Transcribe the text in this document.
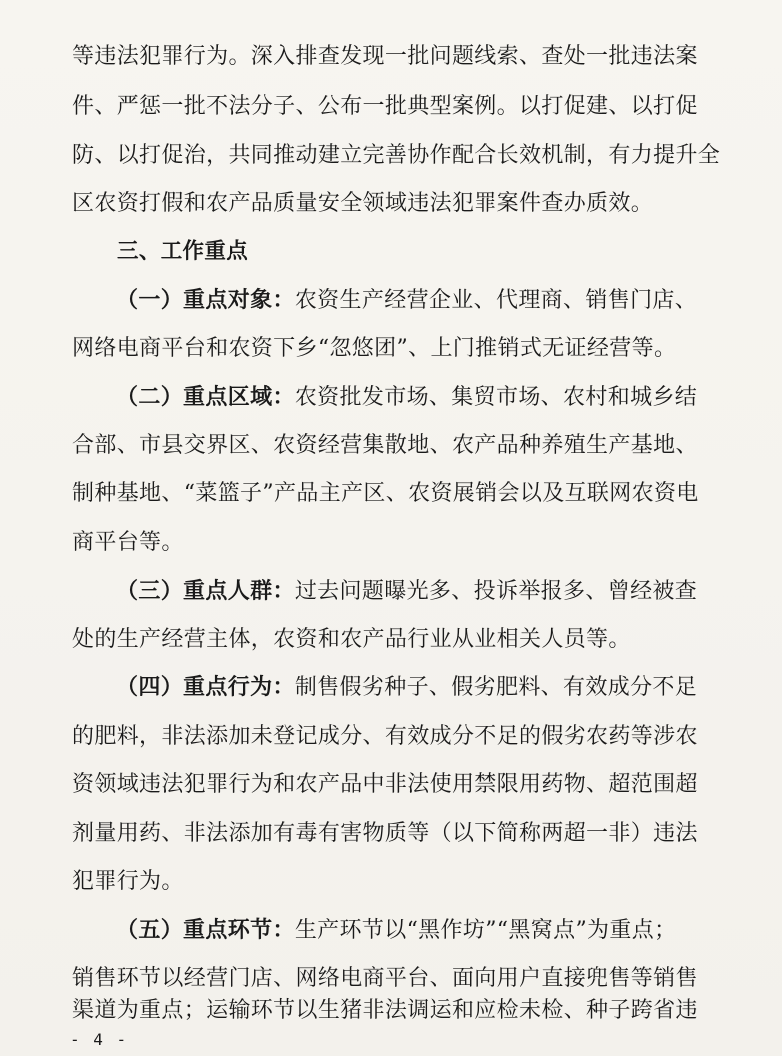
等违法犯罪行为。深入排查发现一批问题线索、查处一批违法案
件、严惩一批不法分子、公布一批典型案例。以打促建、以打促
防、以打促治，共同推动建立完善协作配合长效机制，有力提升全
区农资打假和农产品质量安全领域违法犯罪案件查办质效。
三、工作重点
（一）重点对象：农资生产经营企业、代理商、销售门店、
网络电商平台和农资下乡“忽悠团”、上门推销式无证经营等。
（二）重点区域：农资批发市场、集贸市场、农村和城乡结
合部、市县交界区、农资经营集散地、农产品种养殖生产基地、
制种基地、“菜篮子”产品主产区、农资展销会以及互联网农资电
商平台等。
（三）重点人群：过去问题曝光多、投诉举报多、曾经被查
处的生产经营主体，农资和农产品行业从业相关人员等。
（四）重点行为：制售假劣种子、假劣肥料、有效成分不足
的肥料，非法添加未登记成分、有效成分不足的假劣农药等涉农
资领域违法犯罪行为和农产品中非法使用禁限用药物、超范围超
剂量用药、非法添加有毒有害物质等（以下简称两超一非）违法
犯罪行为。
（五）重点环节：生产环节以“黑作坊”“黑窝点”为重点；
销售环节以经营门店、网络电商平台、面向用户直接兜售等销售
渠道为重点；运输环节以生猪非法调运和应检未检、种子跨省违
- 4 -
